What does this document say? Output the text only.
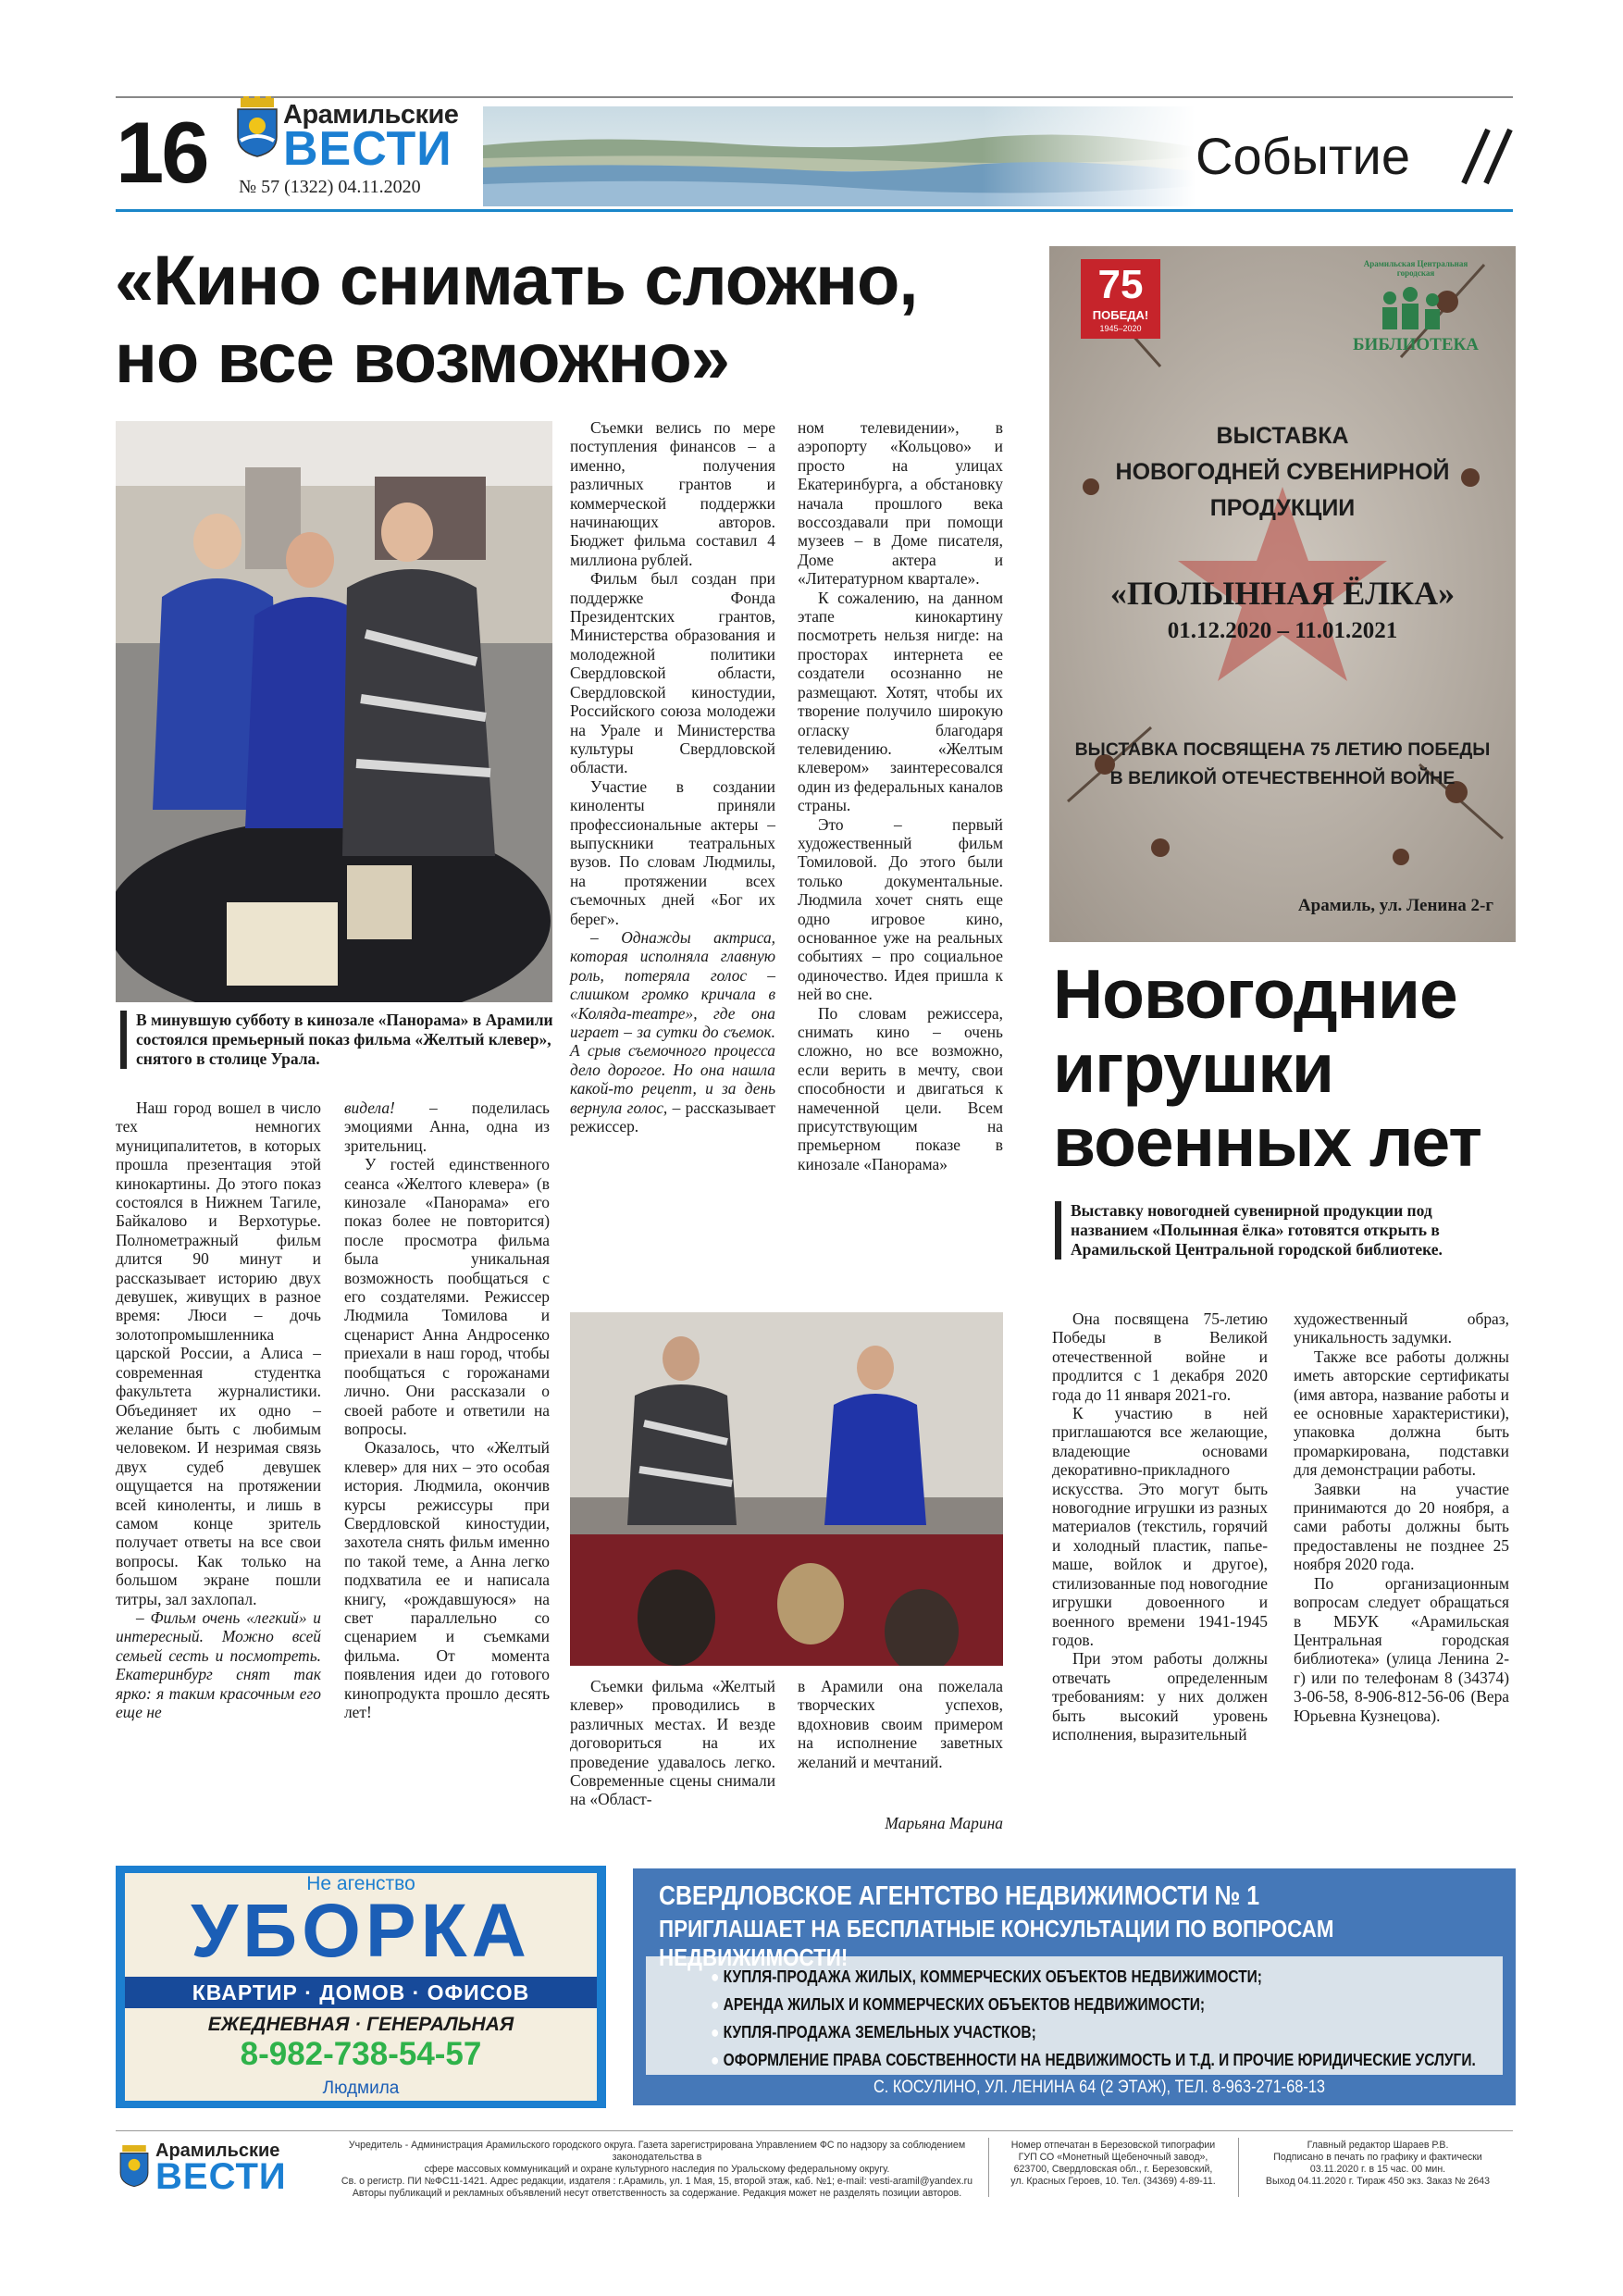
16	Арамильские
ВЕСТИ
№ 57 (1322) 04.11.2020
Событие
«Кино снимать сложно,
но все возможно»
В минувшую субботу в кинозале «Панорама» в Арамили состоялся премьерный показ фильма «Желтый клевер», снятого в столице Урала.

Наш город вошел в число тех немногих муниципалитетов, в которых прошла презентация этой кинокартины. До этого показ состоялся в Нижнем Тагиле, Байкалово и Верхотурье. Полнометражный фильм длится 90 минут и рассказывает историю двух девушек, живущих в разное время: Люси – дочь золотопромышленника царской России, а Алиса – современная студентка факультета журналистики. Объединяет их одно – желание быть с любимым человеком. И незримая связь двух судеб девушек ощущается на протяжении всей киноленты, и лишь в самом конце зритель получает ответы на все свои вопросы. Как только на большом экране пошли титры, зал захлопал.

– Фильм очень «легкий» и интересный. Можно всей семьей сесть и посмотреть. Екатеринбург снят так ярко: я таким красочным его еще не

видела! – поделилась эмоциями Анна, одна из зрительниц.

У гостей единственного сеанса «Желтого клевера» (в кинозале «Панорама» его показ более не повторится) после просмотра фильма была уникальная возможность пообщаться с его создателями. Режиссер Людмила Томилова и сценарист Анна Андросенко приехали в наш город, чтобы пообщаться с горожанами лично. Они рассказали о своей работе и ответили на вопросы.

Оказалось, что «Желтый клевер» для них – это особая история. Людмила, окончив курсы режиссуры при Свердловской киностудии, захотела снять фильм именно по такой теме, а Анна легко подхватила ее и написала книгу, «рождавшуюся» на свет параллельно со сценарием и съемками фильма. От момента появления идеи до готового кинопродукта прошло десять лет!

Съемки велись по мере поступления финансов – а именно, получения различных грантов и коммерческой поддержки начинающих авторов. Бюджет фильма составил 4 миллиона рублей.

Фильм был создан при поддержке Фонда Президентских грантов, Министерства образования и молодежной политики Свердловской области, Свердловской киностудии, Российского союза молодежи на Урале и Министерства культуры Свердловской области.

Участие в создании киноленты приняли профессиональные актеры – выпускники театральных вузов. По словам Людмилы, на протяжении всех съемочных дней «Бог их берег».

– Однажды актриса, которая исполняла главную роль, потеряла голос – слишком громко кричала в «Коляда-театре», где она играет – за сутки до съемок. А срыв съемочного процесса дело дорогое. Но она нашла какой-то рецепт, и за день вернула голос, – рассказывает режиссер.

ном телевидении», в аэропорту «Кольцово» и просто на улицах Екатеринбурга, а обстановку начала прошлого века воссоздавали при помощи музеев – в Доме писателя, Доме актера и «Литературном квартале».

К сожалению, на данном этапе кинокартину посмотреть нельзя нигде: на просторах интернета ее создатели осознанно не размещают. Хотят, чтобы их творение получило широкую огласку благодаря телевидению. «Желтым клевером» заинтересовался один из федеральных каналов страны.

Это – первый художественный фильм Томиловой. До этого были только документальные. Людмила хочет снять еще одно игровое кино, основанное уже на реальных событиях – про социальное одиночество. Идея пришла к ней во сне.

По словам режиссера, снимать кино – очень сложно, но все возможно, если верить в мечту, свои способности и двигаться к намеченной цели. Всем присутствующим на премьерном показе в кинозале «Панорама»

Съемки фильма «Желтый клевер» проводились в различных местах. И везде договориться на их проведение удавалось легко. Современные сцены снимали на «Област-

в Арамили она пожелала творческих успехов, вдохновив своим примером на исполнение заветных желаний и мечтаний.

Марьяна Марина
75
ПОБЕДА!
1945–2020
Арамильская Центральная городская
БИБЛИОТЕКА
ВЫСТАВКА
НОВОГОДНЕЙ СУВЕНИРНОЙ
ПРОДУКЦИИ
«ПОЛЫННАЯ ЁЛКА»
01.12.2020 – 11.01.2021
ВЫСТАВКА ПОСВЯЩЕНА 75 ЛЕТИЮ ПОБЕДЫ
В ВЕЛИКОЙ ОТЕЧЕСТВЕННОЙ ВОЙНЕ
Арамиль, ул. Ленина 2-г
Новогодние
игрушки
военных лет
Выставку новогодней сувенирной продукции под названием «Полынная ёлка» готовятся открыть в Арамильской Центральной городской библиотеке.

Она посвящена 75-летию Победы в Великой отечественной войне и продлится с 1 декабря 2020 года до 11 января 2021-го.

К участию в ней приглашаются все желающие, владеющие основами декоративно-прикладного искусства. Это могут быть новогодние игрушки из разных материалов (текстиль, горячий и холодный пластик, папье-маше, войлок и другое), стилизованные под новогодние игрушки довоенного и военного времени 1941-1945 годов.

При этом работы должны отвечать определенным требованиям: у них должен быть высокий уровень исполнения, выразительный

художественный образ, уникальность задумки.

Также все работы должны иметь авторские сертификаты (имя автора, название работы и ее основные характеристики), упаковка должна быть промаркирована, подставки для демонстрации работы.

Заявки на участие принимаются до 20 ноября, а сами работы должны быть предоставлены не позднее 25 ноября 2020 года.

По организационным вопросам следует обращаться в МБУК «Арамильская Центральная городская библиотека» (улица Ленина 2-г) или по телефонам 8 (34374) 3-06-58, 8-906-812-56-06 (Вера Юрьевна Кузнецова).

Не агенство
УБОРКА
КВАРТИР · ДОМОВ · ОФИСОВ
ЕЖЕДНЕВНАЯ · ГЕНЕРАЛЬНАЯ
8-982-738-54-57
Людмила
СВЕРДЛОВСКОЕ АГЕНТСТВО НЕДВИЖИМОСТИ № 1
ПРИГЛАШАЕТ НА БЕСПЛАТНЫЕ КОНСУЛЬТАЦИИ ПО ВОПРОСАМ НЕДВИЖИМОСТИ!
● КУПЛЯ-ПРОДАЖА ЖИЛЫХ, КОММЕРЧЕСКИХ ОБЪЕКТОВ НЕДВИЖИМОСТИ;
● АРЕНДА ЖИЛЫХ И КОММЕРЧЕСКИХ ОБЪЕКТОВ НЕДВИЖИМОСТИ;
● КУПЛЯ-ПРОДАЖА ЗЕМЕЛЬНЫХ УЧАСТКОВ;
● ОФОРМЛЕНИЕ ПРАВА СОБСТВЕННОСТИ НА НЕДВИЖИМОСТЬ И Т.Д. И ПРОЧИЕ ЮРИДИЧЕСКИЕ УСЛУГИ.
С. КОСУЛИНО, УЛ. ЛЕНИНА 64 (2 ЭТАЖ), ТЕЛ. 8-963-271-68-13
Арамильские
ВЕСТИ
Учредитель - Администрация Арамильского городского округа. Газета зарегистрирована Управлением ФС по надзору за соблюдением законодательства в
сфере массовых коммуникаций и охране культурного наследия по Уральскому федеральному округу.
Св. о регистр. ПИ №ФС11-1421. Адрес редакции, издателя : г.Арамиль, ул. 1 Мая, 15, второй этаж, каб. №1; e-mail: vesti-aramil@yandex.ru
Авторы публикаций и рекламных объявлений несут ответственность за содержание. Редакция может не разделять позиции авторов.
Номер отпечатан в Березовской типографии
ГУП СО «Монетный Щебеночный завод»,
623700, Свердловская обл., г. Березовский,
ул. Красных Героев, 10. Тел. (34369) 4-89-11.
Главный редактор Шараев Р.В.
Подписано в печать по графику и фактически
03.11.2020 г. в 15 час. 00 мин.
Выход 04.11.2020 г. Тираж 450 экз. Заказ № 2643
